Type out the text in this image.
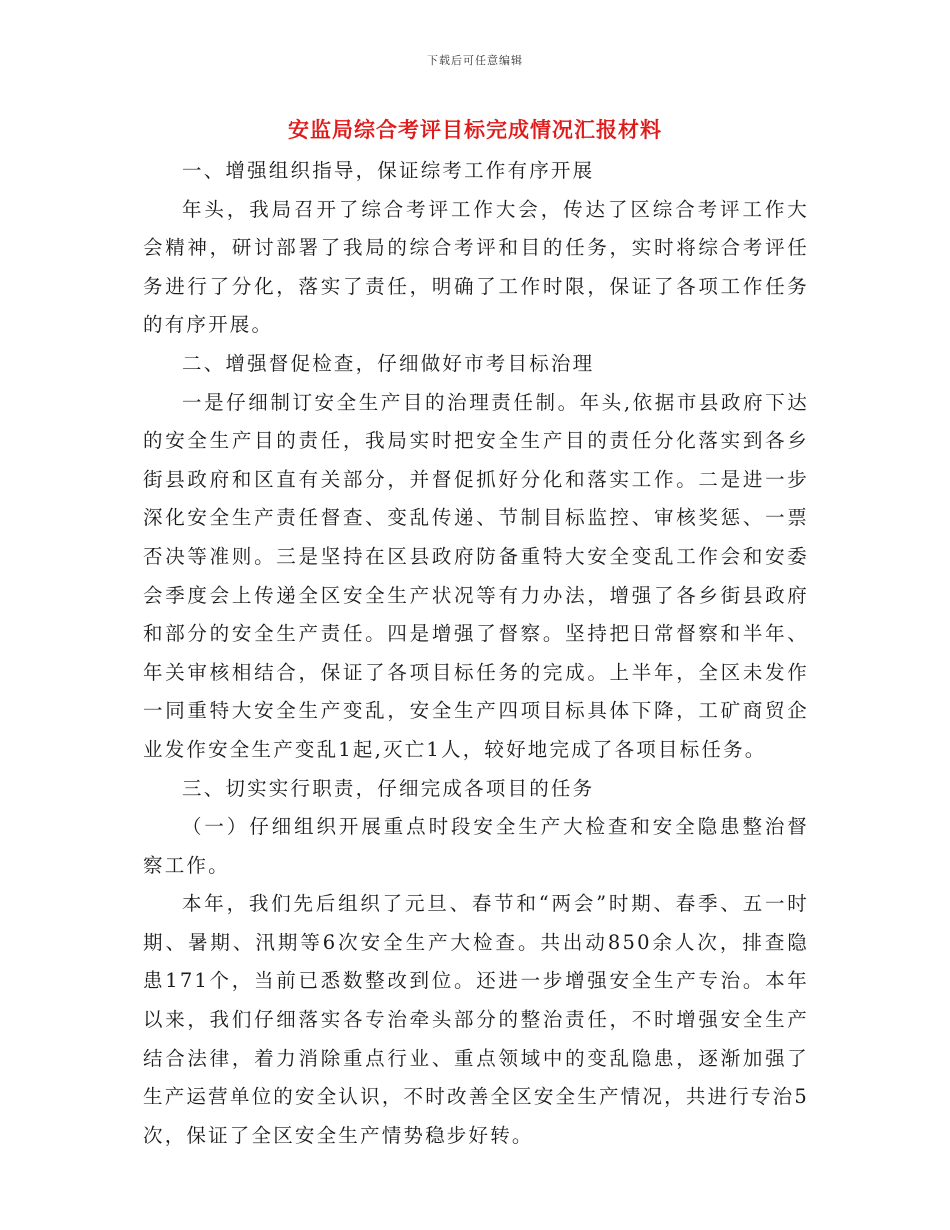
下载后可任意编辑
安监局综合考评目标完成情况汇报材料

一、增强组织指导，保证综考工作有序开展

年头，我局召开了综合考评工作大会，传达了区综合考评工作大会精神，研讨部署了我局的综合考评和目的任务，实时将综合考评任务进行了分化，落实了责任，明确了工作时限，保证了各项工作任务的有序开展。

二、增强督促检查，仔细做好市考目标治理

一是仔细制订安全生产目的治理责任制。年头,依据市县政府下达的安全生产目的责任，我局实时把安全生产目的责任分化落实到各乡街县政府和区直有关部分，并督促抓好分化和落实工作。二是进一步深化安全生产责任督查、变乱传递、节制目标监控、审核奖惩、一票否决等准则。三是坚持在区县政府防备重特大安全变乱工作会和安委会季度会上传递全区安全生产状况等有力办法，增强了各乡街县政府和部分的安全生产责任。四是增强了督察。坚持把日常督察和半年、年关审核相结合，保证了各项目标任务的完成。上半年，全区未发作一同重特大安全生产变乱，安全生产四项目标具体下降，工矿商贸企业发作安全生产变乱1起,灭亡1人，较好地完成了各项目标任务。

三、切实实行职责，仔细完成各项目的任务

（一）仔细组织开展重点时段安全生产大检查和安全隐患整治督察工作。

本年，我们先后组织了元旦、春节和“两会”时期、春季、五一时期、暑期、汛期等6次安全生产大检查。共出动850余人次，排查隐患171个，当前已悉数整改到位。还进一步增强安全生产专治。本年以来，我们仔细落实各专治牵头部分的整治责任，不时增强安全生产结合法律，着力消除重点行业、重点领域中的变乱隐患，逐渐加强了生产运营单位的安全认识，不时改善全区安全生产情况，共进行专治5次，保证了全区安全生产情势稳步好转。
